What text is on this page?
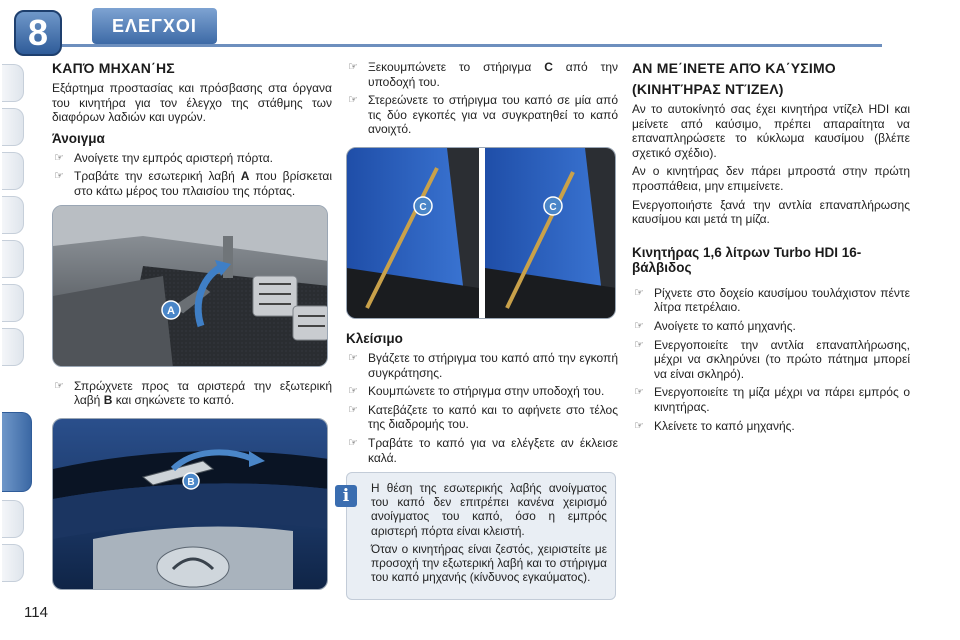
8	ΕΛΕΓΧΟΙ
ΚΑΠΌ ΜΗΧΑΝ΄ΗΣ
Εξάρτημα προστασίας και πρόσβασης στα όργανα του κινητήρα για τον έλεγχο της στάθμης των διαφόρων λαδιών και υγρών.
Άνοιγμα
☞ Ανοίγετε την εμπρός αριστερή πόρτα.
☞ Τραβάτε την εσωτερική λαβή A που βρίσκεται στο κάτω μέρος του πλαισίου της πόρτας.
A
☞ Σπρώχνετε προς τα αριστερά την εξωτερική λαβή B και σηκώνετε το καπό.
B
☞ Ξεκουμπώνετε το στήριγμα C από την υποδοχή του.
☞ Στερεώνετε το στήριγμα του καπό σε μία από τις δύο εγκοπές για να συγκρατηθεί το καπό ανοιχτό.
C	C
Κλείσιμο
☞ Βγάζετε το στήριγμα του καπό από την εγκοπή συγκράτησης.
☞ Κουμπώνετε το στήριγμα στην υποδοχή του.
☞ Κατεβάζετε το καπό και το αφήνετε στο τέλος της διαδρομής του.
☞ Τραβάτε το καπό για να ελέγξετε αν έκλεισε καλά.
i	Η θέση της εσωτερικής λαβής ανοίγματος του καπό δεν επιτρέπει κανένα χειρισμό ανοίγματος του καπό, όσο η εμπρός αριστερή πόρτα είναι κλειστή.
Όταν ο κινητήρας είναι ζεστός, χειριστείτε με προσοχή την εξωτερική λαβή και το στήριγμα του καπό μηχανής (κίνδυνος εγκαύματος).
ΑΝ ΜΕ΄ΙΝΕΤΕ ΑΠΌ ΚΑ΄ΥΣΙΜΟ
(ΚΙΝΗΤΉΡΑΣ ΝΤΊΖΕΛ)
Αν το αυτοκίνητό σας έχει κινητήρα ντίζελ HDI και μείνετε από καύσιμο, πρέπει απαραίτητα να επαναπληρώσετε το κύκλωμα καυσίμου (βλέπε σχετικό σχέδιο).
Αν ο κινητήρας δεν πάρει μπροστά στην πρώτη προσπάθεια, μην επιμείνετε.
Ενεργοποιήστε ξανά την αντλία επαναπλήρωσης καυσίμου και μετά τη μίζα.
Κινητήρας 1,6 λίτρων Turbo HDI 16-βάλβιδος
☞ Ρίχνετε στο δοχείο καυσίμου τουλάχιστον πέντε λίτρα πετρέλαιο.
☞ Ανοίγετε το καπό μηχανής.
☞ Ενεργοποιείτε την αντλία επαναπλήρωσης, μέχρι να σκληρύνει (το πρώτο πάτημα μπορεί να είναι σκληρό).
☞ Ενεργοποιείτε τη μίζα μέχρι να πάρει εμπρός ο κινητήρας.
☞ Κλείνετε το καπό μηχανής.
114
